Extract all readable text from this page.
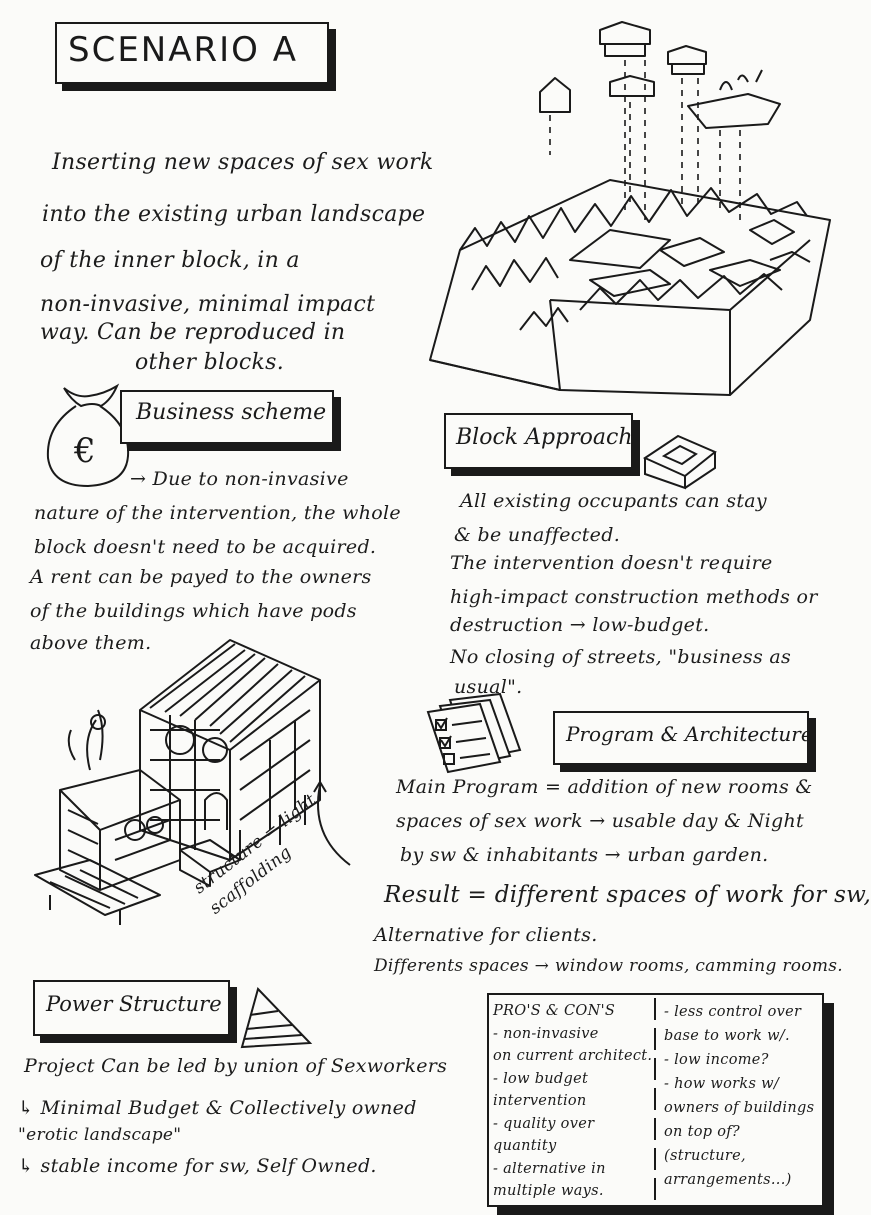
SCENARIO A
Inserting new spaces of sex work
into the existing urban landscape
of the inner block, in a
non-invasive, minimal impact
way. Can be reproduced in
other blocks.
€
Business scheme
→ Due to non-invasive
nature of the intervention, the whole
block doesn't need to be acquired.
A rent can be payed to the owners
of the buildings which have pods
above them.
Block Approach
All existing occupants can stay
& be unaffected.
The intervention doesn't require
high-impact construction methods or
destruction → low-budget.
No closing of streets, "business as
usual".
structure = light scaffolding
Program & Architecture
Main Program = addition of new rooms &
spaces of sex work → usable day & Night
by sw & inhabitants → urban garden.
Result = different spaces of work for sw,
Alternative for clients.
Differents spaces → window rooms, camming rooms.
Power Structure
Project Can be led by union of Sexworkers
↳ Minimal Budget & Collectively owned
"erotic landscape"
↳ stable income for sw, Self Owned.
PRO'S & CON'S
- non-invasive
on current architect.
- low budget
intervention
- quality over
quantity
- alternative in
multiple ways.
- less control over
base to work w/.
- low income?
- how works w/
owners of buildings
on top of?
(structure,
arrangements...)
